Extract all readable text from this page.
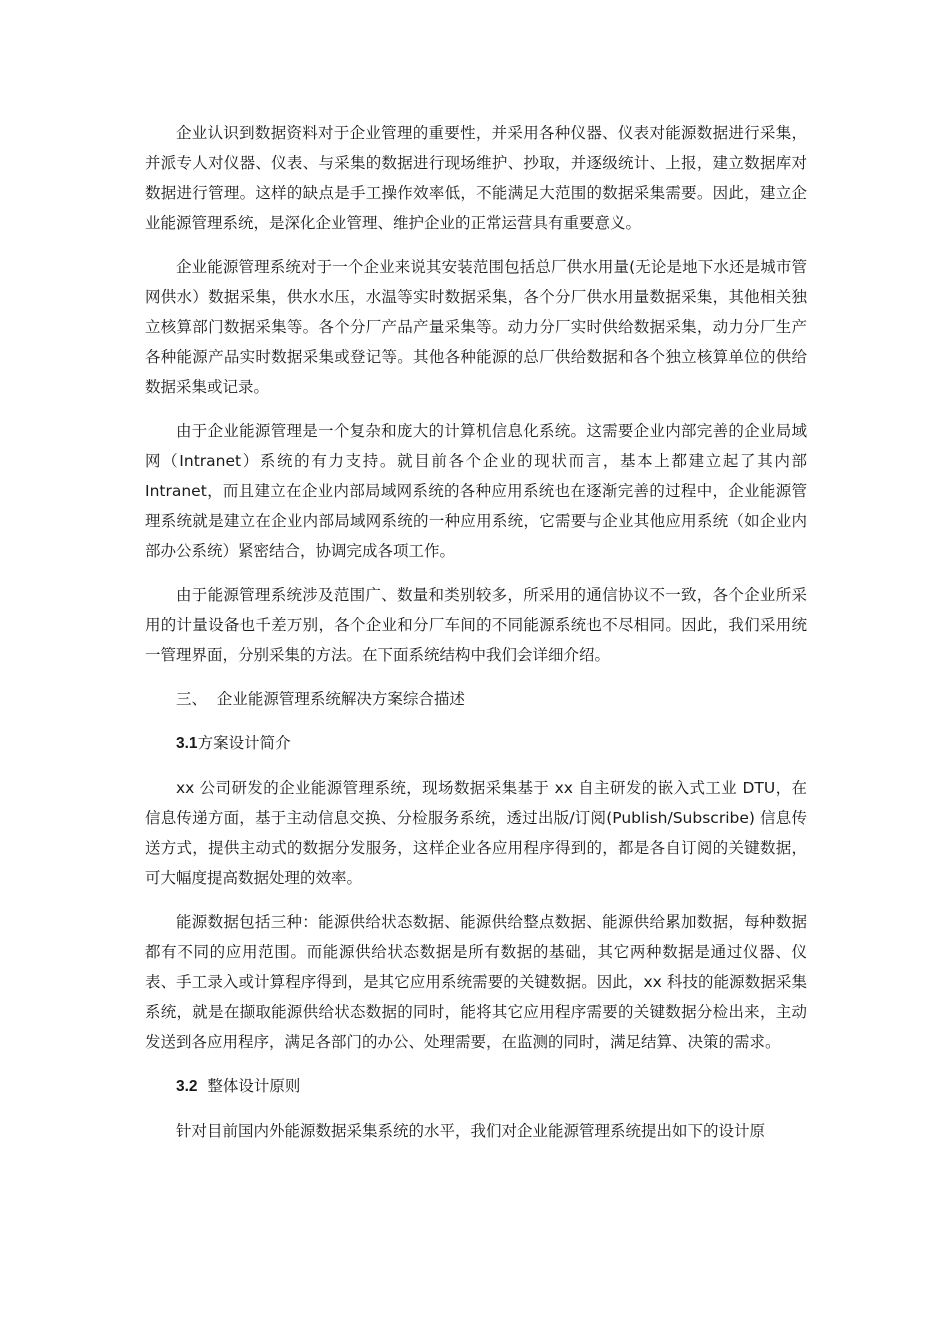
企业认识到数据资料对于企业管理的重要性，并采用各种仪器、仪表对能源数据进行采集，并派专人对仪器、仪表、与采集的数据进行现场维护、抄取，并逐级统计、上报，建立数据库对数据进行管理。这样的缺点是手工操作效率低，不能满足大范围的数据采集需要。因此，建立企业能源管理系统，是深化企业管理、维护企业的正常运营具有重要意义。

企业能源管理系统对于一个企业来说其安装范围包括总厂供水用量(无论是地下水还是城市管网供水）数据采集，供水水压，水温等实时数据采集，各个分厂供水用量数据采集，其他相关独立核算部门数据采集等。各个分厂产品产量采集等。动力分厂实时供给数据采集，动力分厂生产各种能源产品实时数据采集或登记等。其他各种能源的总厂供给数据和各个独立核算单位的供给数据采集或记录。

由于企业能源管理是一个复杂和庞大的计算机信息化系统。这需要企业内部完善的企业局域网（Intranet）系统的有力支持。就目前各个企业的现状而言，基本上都建立起了其内部 Intranet，而且建立在企业内部局域网系统的各种应用系统也在逐渐完善的过程中，企业能源管理系统就是建立在企业内部局域网系统的一种应用系统，它需要与企业其他应用系统（如企业内部办公系统）紧密结合，协调完成各项工作。

由于能源管理系统涉及范围广、数量和类别较多，所采用的通信协议不一致，各个企业所采用的计量设备也千差万别，各个企业和分厂车间的不同能源系统也不尽相同。因此，我们采用统一管理界面，分别采集的方法。在下面系统结构中我们会详细介绍。

三、  企业能源管理系统解决方案综合描述

3.1方案设计简介

xx 公司研发的企业能源管理系统，现场数据采集基于 xx 自主研发的嵌入式工业 DTU，在信息传递方面，基于主动信息交换、分检服务系统，透过出版/订阅(Publish/Subscribe) 信息传送方式，提供主动式的数据分发服务，这样企业各应用程序得到的，都是各自订阅的关键数据，可大幅度提高数据处理的效率。

能源数据包括三种：能源供给状态数据、能源供给整点数据、能源供给累加数据，每种数据都有不同的应用范围。而能源供给状态数据是所有数据的基础，其它两种数据是通过仪器、仪表、手工录入或计算程序得到，是其它应用系统需要的关键数据。因此，xx 科技的能源数据采集系统，就是在撷取能源供给状态数据的同时，能将其它应用程序需要的关键数据分检出来，主动发送到各应用程序，满足各部门的办公、处理需要，在监测的同时，满足结算、决策的需求。

3.2  整体设计原则

针对目前国内外能源数据采集系统的水平，我们对企业能源管理系统提出如下的设计原
